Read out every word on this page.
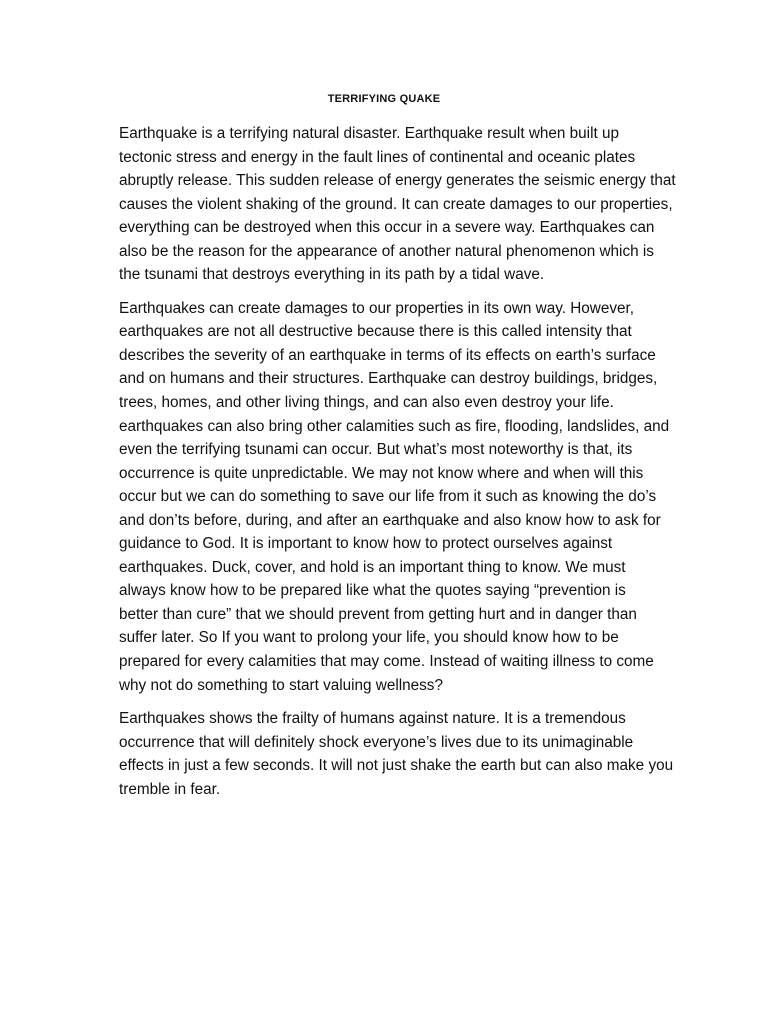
TERRIFYING QUAKE

Earthquake is a terrifying natural disaster. Earthquake result when built up
tectonic stress and energy in the fault lines of continental and oceanic plates
abruptly release. This sudden release of energy generates the seismic energy that
causes the violent shaking of the ground. It can create damages to our properties,
everything can be destroyed when this occur in a severe way. Earthquakes can
also be the reason for the appearance of another natural phenomenon which is
the tsunami that destroys everything in its path by a tidal wave.

Earthquakes can create damages to our properties in its own way. However,
earthquakes are not all destructive because there is this called intensity that
describes the severity of an earthquake in terms of its effects on earth’s surface
and on humans and their structures. Earthquake can destroy buildings, bridges,
trees, homes, and other living things, and can also even destroy your life.
earthquakes can also bring other calamities such as fire, flooding, landslides, and
even the terrifying tsunami can occur. But what’s most noteworthy is that, its
occurrence is quite unpredictable. We may not know where and when will this
occur but we can do something to save our life from it such as knowing the do’s
and don’ts before, during, and after an earthquake and also know how to ask for
guidance to God. It is important to know how to protect ourselves against
earthquakes. Duck, cover, and hold is an important thing to know. We must
always know how to be prepared like what the quotes saying “prevention is
better than cure” that we should prevent from getting hurt and in danger than
suffer later. So If you want to prolong your life, you should know how to be
prepared for every calamities that may come. Instead of waiting illness to come
why not do something to start valuing wellness?

Earthquakes shows the frailty of humans against nature. It is a tremendous
occurrence that will definitely shock everyone’s lives due to its unimaginable
effects in just a few seconds. It will not just shake the earth but can also make you
tremble in fear.
